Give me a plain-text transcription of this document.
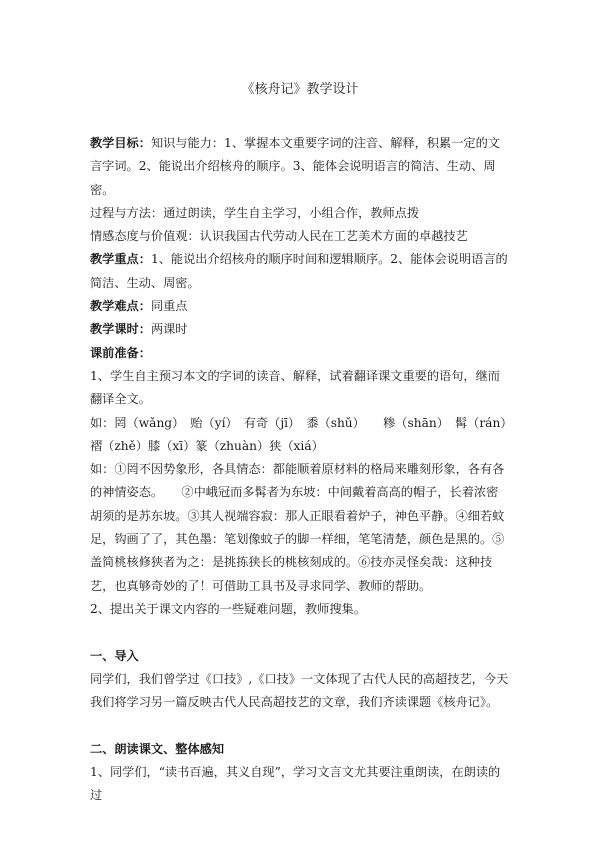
《核舟记》教学设计

教学目标：知识与能力：1、掌握本文重要字词的注音、解释，积累一定的文言字词。2、能说出介绍核舟的顺序。3、能体会说明语言的简洁、生动、周密。

过程与方法：通过朗读，学生自主学习，小组合作，教师点拨

情感态度与价值观：认识我国古代劳动人民在工艺美术方面的卓越技艺

教学重点：1、能说出介绍核舟的顺序时间和逻辑顺序。2、能体会说明语言的简洁、生动、周密。

教学难点：同重点

教学课时：两课时

课前准备：

1、学生自主预习本文的字词的读音、解释，试着翻译课文重要的语句，继而翻译全文。

如：罔（wǎng）　贻（yí）　有奇（jī）　黍（shǔ）　　糁（shān）　髯（rán）

褶（zhě）膝（xī）篆（zhuàn）狭（xiá）

如：①罔不因势象形，各具情态：都能顺着原材料的格局来雕刻形象，各有各的神情姿态。　　②中峨冠而多髯者为东坡：中间戴着高高的帽子，长着浓密胡须的是苏东坡。③其人视端容寂：那人正眼看着炉子，神色平静。④细若蚊足，钩画了了，其色墨：笔划像蚊子的脚一样细，笔笔清楚，颜色是黑的。⑤盖简桃核修狭者为之：是挑拣狭长的桃核刻成的。⑥技亦灵怪矣哉：这种技艺，也真够奇妙的了！可借助工具书及寻求同学、教师的帮助。

2、提出关于课文内容的一些疑难问题，教师搜集。

一、导入

同学们，我们曾学过《口技》,《口技》一文体现了古代人民的高超技艺，今天我们将学习另一篇反映古代人民高超技艺的文章，我们齐读课题《核舟记》。

二、朗读课文、整体感知

1、同学们，“读书百遍，其义自现”，学习文言文尤其要注重朗读，在朗读的过
